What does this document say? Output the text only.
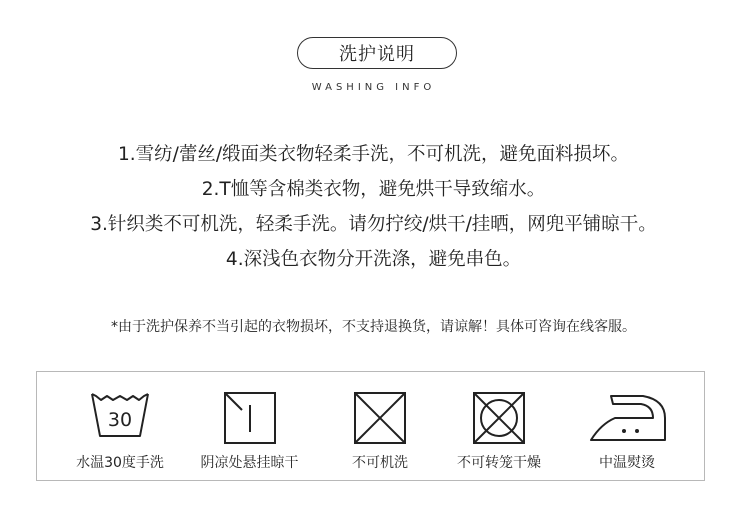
洗护说明
WASHING INFO
1.雪纺/蕾丝/缎面类衣物轻柔手洗，不可机洗，避免面料损坏。
2.T恤等含棉类衣物，避免烘干导致缩水。
3.针织类不可机洗，轻柔手洗。请勿拧绞/烘干/挂晒，网兜平铺晾干。
4.深浅色衣物分开洗涤，避免串色。
*由于洗护保养不当引起的衣物损坏，不支持退换货，请谅解！具体可咨询在线客服。
30
水温30度手洗	阴凉处悬挂晾干	不可机洗	不可转笼干燥	中温熨烫
